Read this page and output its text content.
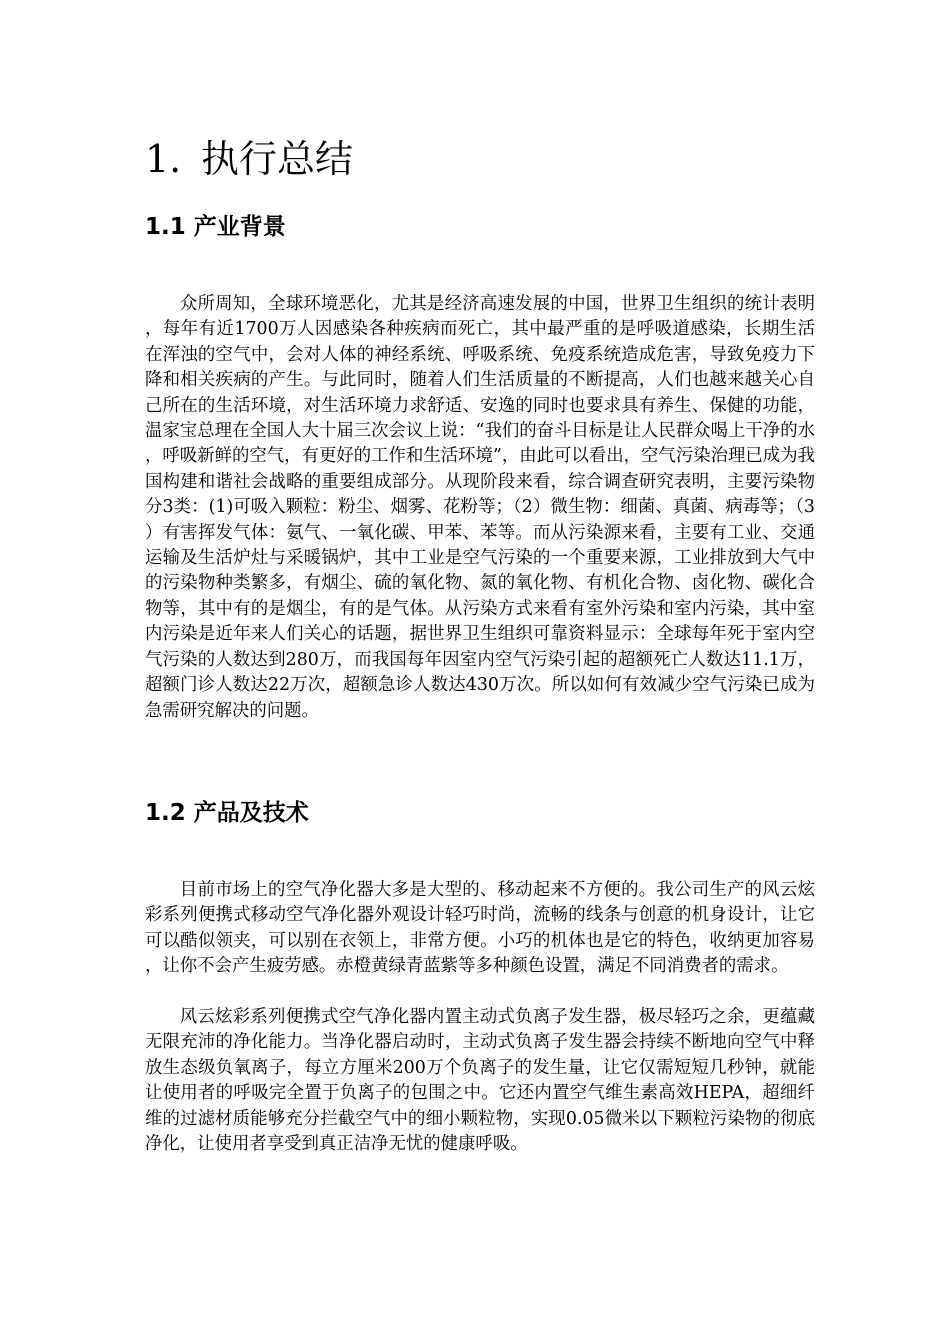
1. 执行总结
1.1 产业背景

众所周知，全球环境恶化，尤其是经济高速发展的中国，世界卫生组织的统计表明，每年有近1700万人因感染各种疾病而死亡，其中最严重的是呼吸道感染，长期生活在浑浊的空气中，会对人体的神经系统、呼吸系统、免疫系统造成危害，导致免疫力下降和相关疾病的产生。与此同时，随着人们生活质量的不断提高，人们也越来越关心自己所在的生活环境，对生活环境力求舒适、安逸的同时也要求具有养生、保健的功能，温家宝总理在全国人大十届三次会议上说：“我们的奋斗目标是让人民群众喝上干净的水，呼吸新鲜的空气，有更好的工作和生活环境”，由此可以看出，空气污染治理已成为我国构建和谐社会战略的重要组成部分。从现阶段来看，综合调查研究表明，主要污染物分3类：(1)可吸入颗粒：粉尘、烟雾、花粉等；（2）微生物：细菌、真菌、病毒等；（3）有害挥发气体：氨气、一氧化碳、甲苯、苯等。而从污染源来看，主要有工业、交通运输及生活炉灶与采暖锅炉，其中工业是空气污染的一个重要来源，工业排放到大气中的污染物种类繁多，有烟尘、硫的氧化物、氮的氧化物、有机化合物、卤化物、碳化合物等，其中有的是烟尘，有的是气体。从污染方式来看有室外污染和室内污染，其中室内污染是近年来人们关心的话题，据世界卫生组织可靠资料显示：全球每年死于室内空气污染的人数达到280万，而我国每年因室内空气污染引起的超额死亡人数达11.1万，超额门诊人数达22万次，超额急诊人数达430万次。所以如何有效减少空气污染已成为急需研究解决的问题。

1.2 产品及技术

目前市场上的空气净化器大多是大型的、移动起来不方便的。我公司生产的风云炫彩系列便携式移动空气净化器外观设计轻巧时尚，流畅的线条与创意的机身设计，让它可以酷似领夹，可以别在衣领上，非常方便。小巧的机体也是它的特色，收纳更加容易，让你不会产生疲劳感。赤橙黄绿青蓝紫等多种颜色设置，满足不同消费者的需求。

风云炫彩系列便携式空气净化器内置主动式负离子发生器，极尽轻巧之余，更蕴藏无限充沛的净化能力。当净化器启动时，主动式负离子发生器会持续不断地向空气中释放生态级负氧离子，每立方厘米200万个负离子的发生量，让它仅需短短几秒钟，就能让使用者的呼吸完全置于负离子的包围之中。它还内置空气维生素高效HEPA，超细纤维的过滤材质能够充分拦截空气中的细小颗粒物，实现0.05微米以下颗粒污染物的彻底净化，让使用者享受到真正洁净无忧的健康呼吸。
